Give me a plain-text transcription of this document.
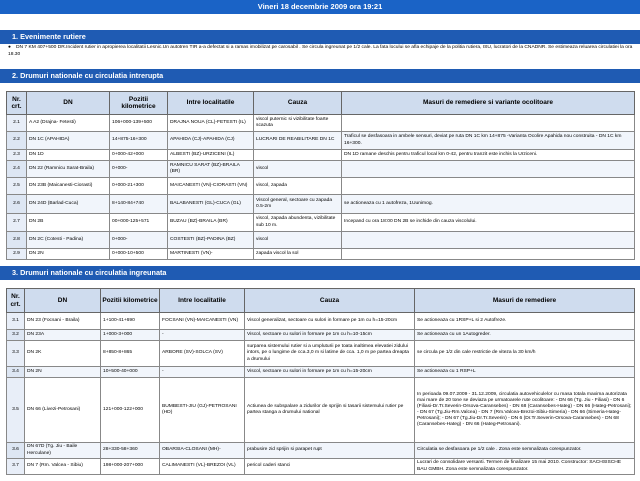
Vineri 18 decembrie 2009 ora 19:21
1. Evenimente rutiere
● DN 7 KM 407+500 DR.Incident rutier in apropierea localitatii Lesnic.Un autotren TIR a-a defectat si a ramas imobilizat pe carosabil . Se circula ingreunat pe 1/2 cale. La fata locului se afla echipaje de la politia rutiera, ISU, lucratori de la CNADNR. Se estimeaza reluarea circulatiei la ora 18.30
2. Drumuri nationale cu circulatia intrerupta
Nr. crt.	DN	Pozitii kilometrice	Intre localitatile	Cauza	Masuri de remediere si variante ocolitoare
2.1	A A2 (Drajna- Fetesti)	106+000-139+500	DRAJNA NOUA (CL)-FETESTI (IL)	viscol puternic si vizibilitate foarte scazuta	
2.2	DN 1C (APAHIDA)	14+875-16+300	APAHIDA (CJ)-APAHIDA (CJ)	LUCRARI DE REABILITARE DN 1C	Traficul se desfasoara in ambele sensuri, deviat pe ruta DN 1C km 14+875 -Varianta Ocolire Apahida nou construita - DN 1C km 16+300.
2.3	DN 1D	0+000-42+000	ALBESTI (BZ)-URZICENI (IL)		DN 1D ramane deschis pentru traficul local km 0-42, pentru tranzit este inchis la Urziceni.
2.4	DN 22 (Ramnicu Sarat-Braila)	0+000-	RAMNICU SARAT (BZ)-BRAILA (BR)	viscol	
2.5	DN 23B (Maicanesti-Ciorasti)	0+000-21+300	MAICANESTI (VN)-CIORASTI (VN)	viscol, zapada	
2.6	DN 24D (Barlad-Cuca)	8+140-84+740	BALABANESTI (GL)-CUCA (GL)	Viscol general, sectoare cu zapada 0.5-2m	se actioneaza cu 1 autofreza, 1Uunimog.
2.7	DN 2B	00+000-125+571	BUZAU (BZ)-BRAILA (BR)	viscol, zapada abundenta, vizibilitate sub 10 m.	Incepand cu ora 18:00 DN 2B se inchide din cauza viscolului.
2.8	DN 2C (Cotesti - Padina)	0+000-	COSTESTI (BZ)-PADINA (BZ)	viscol	
2.9	DN 2N	0+000-10+500	MARTINESTI (VN)-	zapada viscol la sol	
3. Drumuri nationale cu circulatia ingreunata
Nr. crt.	DN	Pozitii kilometrice	Intre localitatile	Cauza	Masuri de remediere
3.1	DN 23 (Focsani - Braila)	1+100-41+690	FOCSANI (VN)-MAICANESTI (VN)	Viscol generalizat, sectoare cu sulori in formare pe 1m cu h=15-20cm	Se actioneaza cu 1RSP+L si 2 Autofreze.
3.2	DN 23A	1+000-3+000	-	Viscol, sectoare cu sulori in formare pe 1m cu h=10-15cm	Se actioneaza cu un 1Autogreder.
3.3	DN 2K	8+850-8+865	ARBORE (SV)-SOLCA (SV)	surparea sistemului rutier si a umpluturii pe toata inaltimea elevatiei zidului intors, pe o lungime de cca.3,0 m si latime de cca. 1,0 m pe partea dreapta a drumului	se circula pe 1/2 din cale restrictie de viteza la 30 km/h
3.4	DN 2N	10+500-40+000	-	Viscol, sectoare cu sulori in formare pe 1m cu h=15-20cm	Se actioneaza cu 1 RSP+L
3.5	DN 66 (Livezi-Petrosani)	121+000-122+000	BUMBESTI-JIU (GJ)-PETROSANI (HD)	Actiunea de subspalare a zidurilor de sprijin si tasarii sistemului rutier pe partea stanga a drumului national	In perioada 09.07.2009 - 31.12.2009, circulatia autovehiculelor cu masa totala maxima autorizata mai mare de 20 tone se deviaza pe urmatoarele rute ocolitoare: - DN 66 (Tg. Jiu - Filiasi) - DN 6 (Filiasi-Dr.Tr.Severin-Orsova-Caransebes) - DN 68 (Caransebes-Hateg) - DN 66 (Hateg-Petrosani); - DN 67 (Tg.Jiu-Rm.Valcea) - DN 7 (Rm.Valcea-Brezoi-Sibiu-Simeria) - DN 66 (Simeria-Hateg-Petrosani); - DN 67 (Tg.Jiu-Dr.Tr.Severin) - DN 6 (Dr.Tr.Severin-Orsova-Caransebes) - DN 68 (Caransebes-Hateg) - DN 66 (Hateg-Petrosani).
3.6	DN 67D (Tg. Jiu - Baile Herculane)	28+330-58+360	OBARSIA-CLOSANI (MH)-	prabusire zid sprijin si parapet rupt	Circulatia se desfasoara pe 1/2 cale . Zona este semnalizata corespunzator.
3.7	DN 7 (Rm. Valcea - Sibiu)	198+000-207+000	CALIMANESTI (VL)-BREZOI (VL)	pericol caderi stanci	Lucrari de consolidare versanti. Termen de finalizare 15 mai 2010. Constructor: SACHSISCHE BAU GMBH. Zona este semnalizata corespunzator.
